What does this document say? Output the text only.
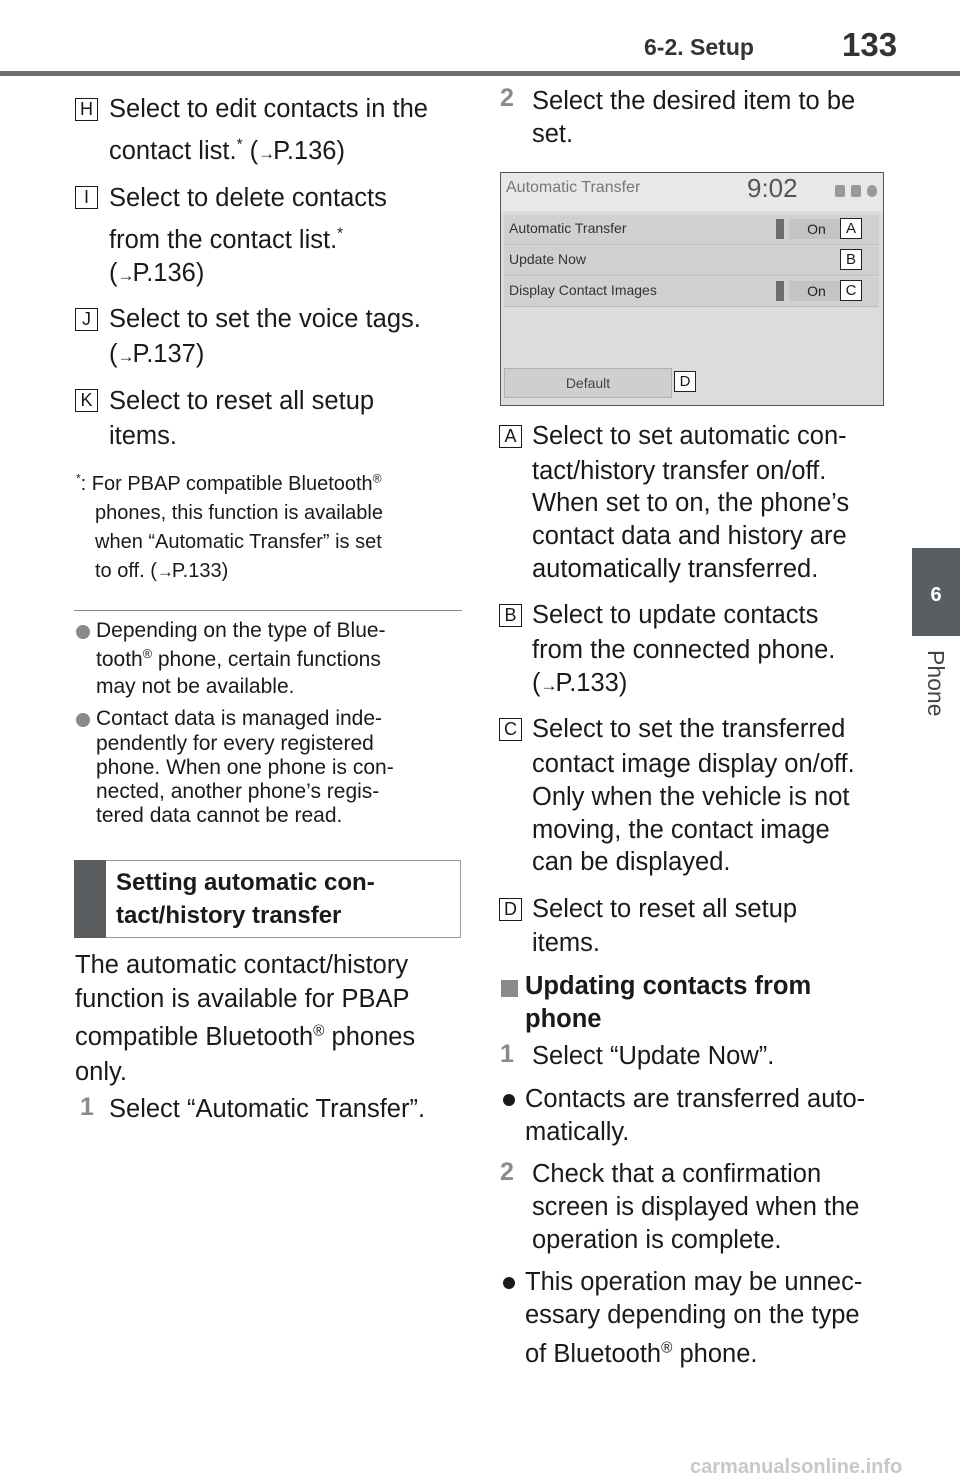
6-2. Setup	133
6
Phone
H Select to edit contacts in the
contact list.* (→P.136)
I Select to delete contacts
from the contact list.*
(→P.136)
J Select to set the voice tags.
(→P.137)
K Select to reset all setup
items.
*: For PBAP compatible Bluetooth®
phones, this function is available
when “Automatic Transfer” is set
to off. (→P.133)
Depending on the type of Blue-
tooth® phone, certain functions
may not be available.
Contact data is managed inde-
pendently for every registered
phone. When one phone is con-
nected, another phone’s regis-
tered data cannot be read.
Setting automatic con-
tact/history transfer
The automatic contact/history
function is available for PBAP
compatible Bluetooth® phones
only.
1 Select “Automatic Transfer”.
2 Select the desired item to be
set.
Automatic Transfer	9:02
Automatic Transfer	On
Update Now
Display Contact Images	On
Default
A
B
C
D
A Select to set automatic con-
tact/history transfer on/off.
When set to on, the phone’s
contact data and history are
automatically transferred.
B Select to update contacts
from the connected phone.
(→P.133)
C Select to set the transferred
contact image display on/off.
Only when the vehicle is not
moving, the contact image
can be displayed.
D Select to reset all setup
items.
Updating contacts from
phone
1 Select “Update Now”.
Contacts are transferred auto-
matically.
2 Check that a confirmation
screen is displayed when the
operation is complete.
This operation may be unnec-
essary depending on the type
of Bluetooth® phone.
carmanualsonline.info
